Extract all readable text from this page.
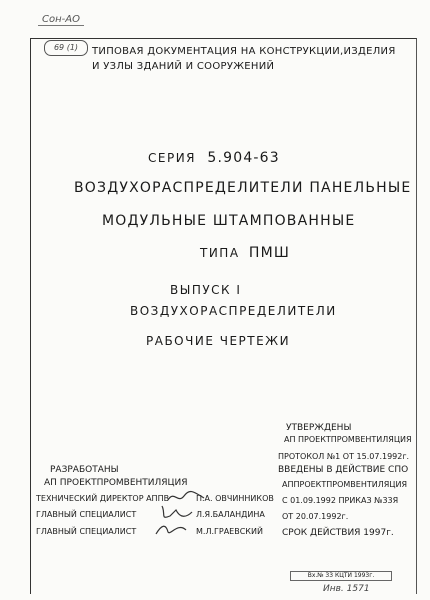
Сон-АО
69 (1)	ТИПОВАЯ ДОКУМЕНТАЦИЯ НА КОНСТРУКЦИИ,ИЗДЕЛИЯ
И УЗЛЫ ЗДАНИЙ И СООРУЖЕНИЙ
СЕРИЯ 5.904-63
ВОЗДУХОРАСПРЕДЕЛИТЕЛИ ПАНЕЛЬНЫЕ
МОДУЛЬНЫЕ ШТАМПОВАННЫЕ
ТИПА ПМШ
ВЫПУСК I
ВОЗДУХОРАСПРЕДЕЛИТЕЛИ
РАБОЧИЕ ЧЕРТЕЖИ
УТВЕРЖДЕНЫ
АП ПРОЕКТПРОМВЕНТИЛЯЦИЯ
ПРОТОКОЛ №1 ОТ 15.07.1992г.
ВВЕДЕНЫ В ДЕЙСТВИЕ СПО
АППРОЕКТПРОМВЕНТИЛЯЦИЯ
С 01.09.1992 ПРИКАЗ №33Я
ОТ 20.07.1992г.
СРОК ДЕЙСТВИЯ 1997г.
РАЗРАБОТАНЫ
АП ПРОЕКТПРОМВЕНТИЛЯЦИЯ
ТЕХНИЧЕСКИЙ ДИРЕКТОР АППВ	П.А. ОВЧИННИКОВ
ГЛАВНЫЙ СПЕЦИАЛИСТ	Л.Я.БАЛАНДИНА
ГЛАВНЫЙ СПЕЦИАЛИСТ	М.Л.ГРАЕВСКИЙ
Вх.№ 33 КЦТИ 1993г.
Инв. 1571
